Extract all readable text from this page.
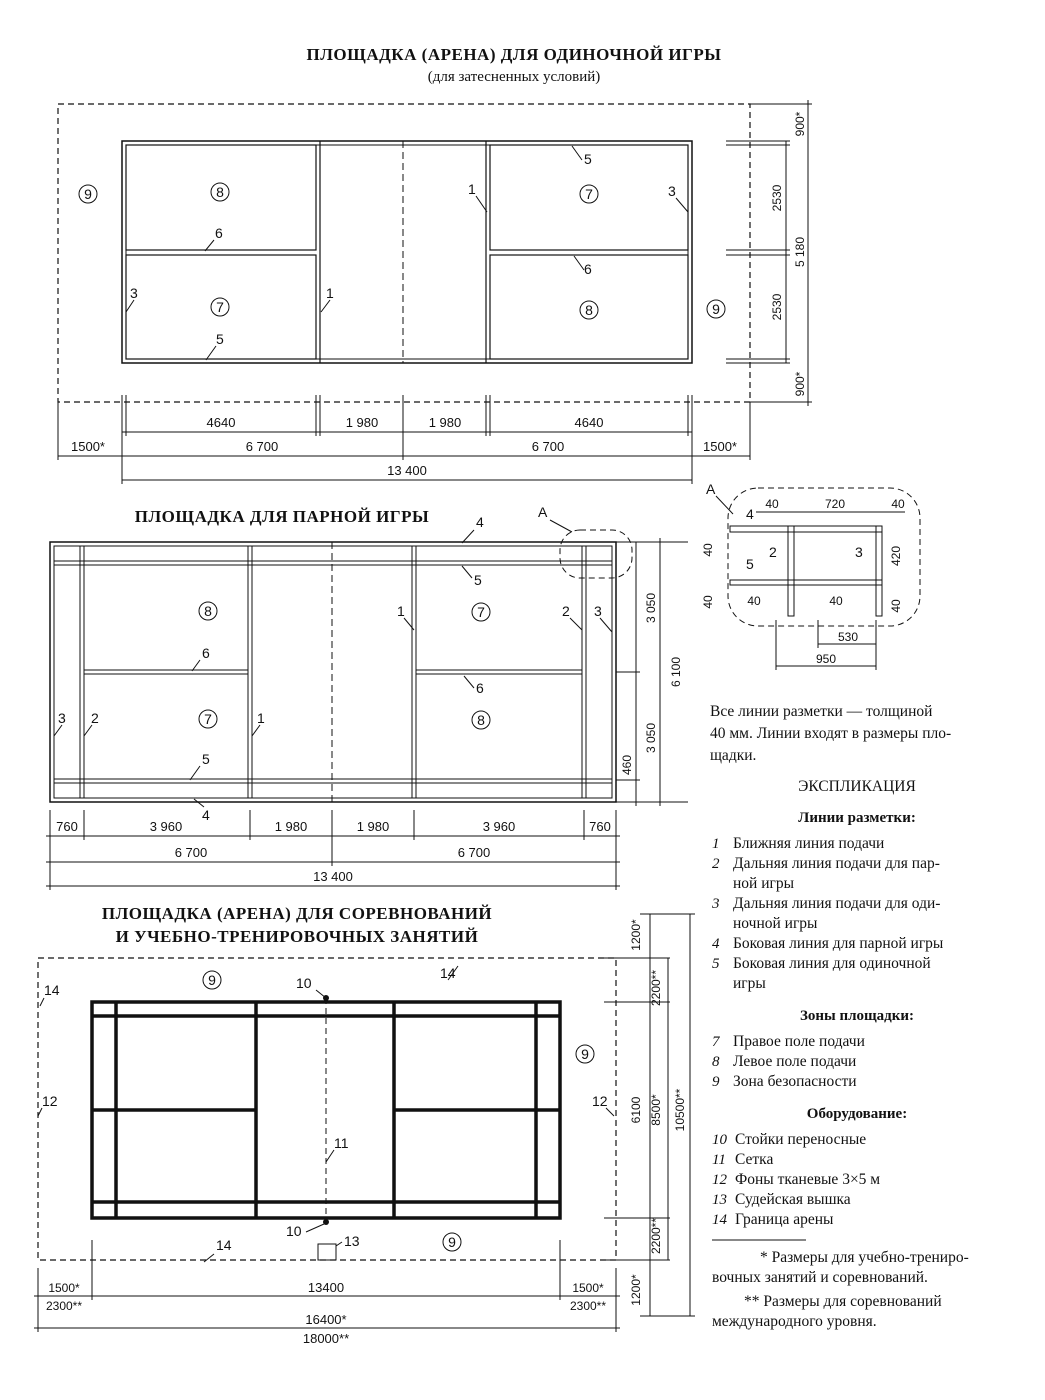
ПЛОЩАДКА (АРЕНА) ДЛЯ ОДИНОЧНОЙ ИГРЫ
(для затесненных условий)
9	8
7
7
8	9
5
1	3
6
6
3	1
5
900*
2530
5 180
2530
900*
4640	1 980	1 980	4640
1500*	6 700	6 700	1500*
13 400
ПЛОЩАДКА ДЛЯ ПАРНОЙ ИГРЫ	А
8
7
7
8
4
5
1	2 3
6
3 2	1
6
5
4
3 050
6 100
3 050
460
760	3 960	1 980	1 980	3 960	760
6 700	6 700
13 400
А
40	720	40
40
40
420
40
40	40
4
5
2	3
530
950
Все линии разметки — толщиной
40 мм. Линии входят в размеры пло-
щадки.
ЭКСПЛИКАЦИЯ
Линии разметки:
1 Ближняя линия подачи
2 Дальняя линия подачи для пар-
ной игры
3 Дальняя линия подачи для оди-
ночной игры
4 Боковая линия для парной игры
5 Боковая линия для одиночной
игры
Зоны площадки:
7 Правое поле подачи
8 Левое поле подачи
9 Зона безопасности
Оборудование:
10 Стойки переносные
11 Сетка
12 Фоны тканевые 3×5 м
13 Судейская вышка
14 Граница арены
* Размеры для учебно-трениро-
вочных занятий и соревнований.
** Размеры для соревнований
международного уровня.
ПЛОЩАДКА (АРЕНА) ДЛЯ СОРЕВНОВАНИЙ
И УЧЕБНО-ТРЕНИРОВОЧНЫХ ЗАНЯТИЙ
9
9
9
14	10
14
12	12
11
10
13
14
1200*
2200**
6100 8500* 10500**
2200**
1200*
1500*
2300**
13400	1500*
2300**
16400*
18000**
